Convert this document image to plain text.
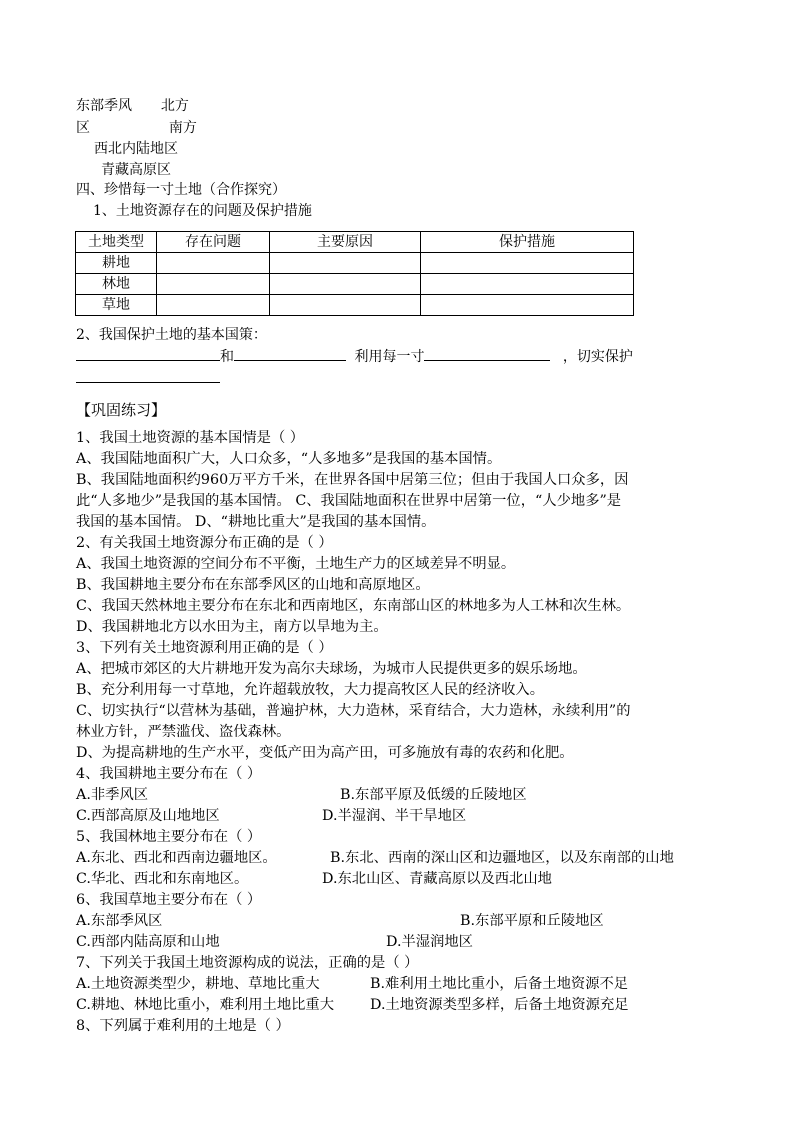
东部季风 北方
区	南方
西北内陆地区
青藏高原区
四、珍惜每一寸土地（合作探究）
1、土地资源存在的问题及保护措施
土地类型	存在问题	主要原因	保护措施
耕地			
林地			
草地			
2、我国保护土地的基本国策：
和	利用每一寸	，切实保护
【巩固练习】
1、我国土地资源的基本国情是（ ）
A、我国陆地面积广大，人口众多，“人多地多”是我国的基本国情。
B、我国陆地面积约960万平方千米，在世界各国中居第三位；但由于我国人口众多，因
此“人多地少”是我国的基本国情。 C、我国陆地面积在世界中居第一位，“人少地多”是
我国的基本国情。 D、“耕地比重大”是我国的基本国情。
2、有关我国土地资源分布正确的是（ ）
A、我国土地资源的空间分布不平衡，土地生产力的区域差异不明显。
B、我国耕地主要分布在东部季风区的山地和高原地区。
C、我国天然林地主要分布在东北和西南地区，东南部山区的林地多为人工林和次生林。
D、我国耕地北方以水田为主，南方以旱地为主。
3、下列有关土地资源利用正确的是（ ）
A、把城市郊区的大片耕地开发为高尔夫球场，为城市人民提供更多的娱乐场地。
B、充分利用每一寸草地，允许超载放牧，大力提高牧区人民的经济收入。
C、切实执行“以营林为基础，普遍护林，大力造林，采育结合，大力造林，永续利用”的
林业方针，严禁滥伐、盗伐森林。
D、为提高耕地的生产水平，变低产田为高产田，可多施放有毒的农药和化肥。
4、我国耕地主要分布在（ ）
A.非季风区	B.东部平原及低缓的丘陵地区
C.西部高原及山地地区	D.半湿润、半干旱地区
5、我国林地主要分布在（ ）
A.东北、西北和西南边疆地区。	B.东北、西南的深山区和边疆地区，以及东南部的山地
C.华北、西北和东南地区。	D.东北山区、青藏高原以及西北山地
6、我国草地主要分布在（ ）
A.东部季风区	B.东部平原和丘陵地区
C.西部内陆高原和山地	D.半湿润地区
7、下列关于我国土地资源构成的说法，正确的是（ ）
A.土地资源类型少，耕地、草地比重大	B.难利用土地比重小，后备土地资源不足
C.耕地、林地比重小，难利用土地比重大	D.土地资源类型多样，后备土地资源充足
8、下列属于难利用的土地是（ ）
